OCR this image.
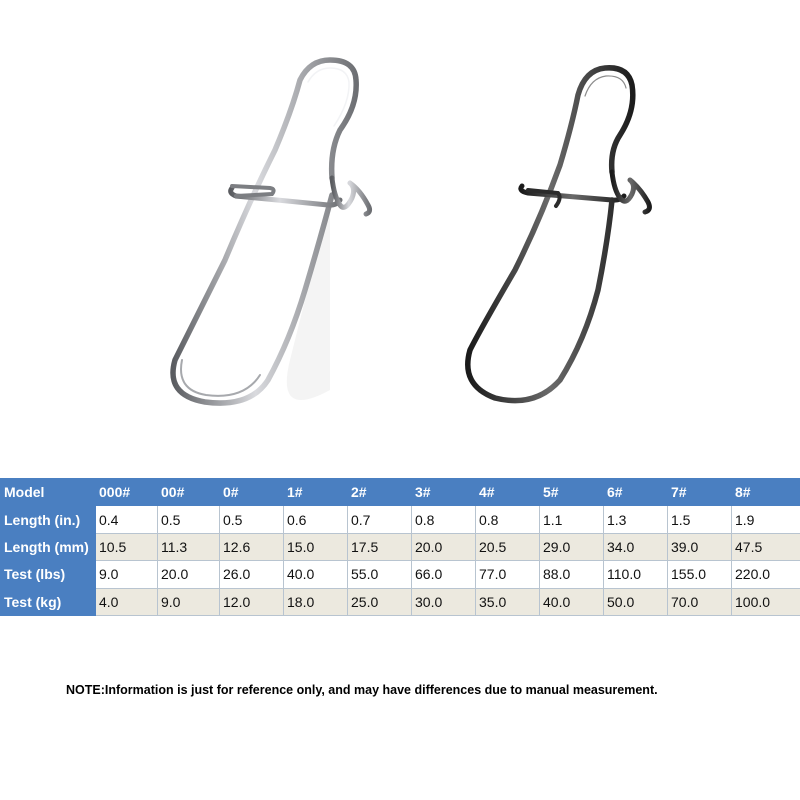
Model	000#	00#	0#	1#	2#	3#	4#	5#	6#	7#	8#
Length (in.)	0.4	0.5	0.5	0.6	0.7	0.8	0.8	1.1	1.3	1.5	1.9
Length (mm)	10.5	11.3	12.6	15.0	17.5	20.0	20.5	29.0	34.0	39.0	47.5
Test (lbs)	9.0	20.0	26.0	40.0	55.0	66.0	77.0	88.0	110.0	155.0	220.0
Test (kg)	4.0	9.0	12.0	18.0	25.0	30.0	35.0	40.0	50.0	70.0	100.0
NOTE:Information is just for reference only, and may have differences due to manual measurement.
